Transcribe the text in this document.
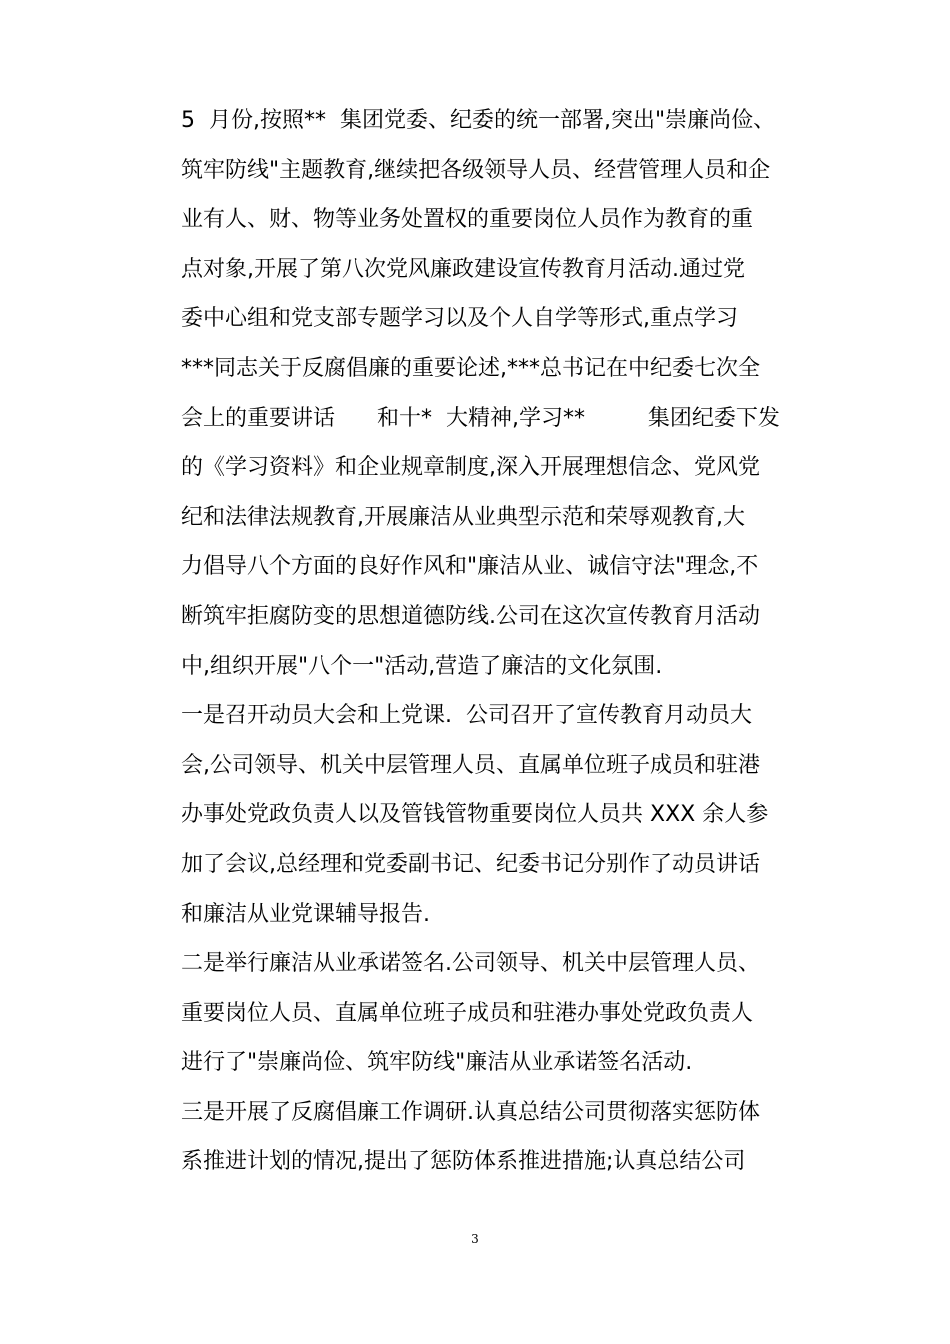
5  月份,按照**  集团党委、纪委的统一部署,突出"崇廉尚俭、
筑牢防线"主题教育,继续把各级领导人员、经营管理人员和企
业有人、财、物等业务处置权的重要岗位人员作为教育的重
点对象,开展了第八次党风廉政建设宣传教育月活动.通过党
委中心组和党支部专题学习以及个人自学等形式,重点学习
***同志关于反腐倡廉的重要论述,***总书记在中纪委七次全
会上的重要讲话      和十*  大精神,学习**         集团纪委下发
的《学习资料》和企业规章制度,深入开展理想信念、党风党
纪和法律法规教育,开展廉洁从业典型示范和荣辱观教育,大
力倡导八个方面的良好作风和"廉洁从业、诚信守法"理念,不
断筑牢拒腐防变的思想道德防线.公司在这次宣传教育月活动
中,组织开展"八个一"活动,营造了廉洁的文化氛围.
一是召开动员大会和上党课.  公司召开了宣传教育月动员大
会,公司领导、机关中层管理人员、直属单位班子成员和驻港
办事处党政负责人以及管钱管物重要岗位人员共 XXX 余人参
加了会议,总经理和党委副书记、纪委书记分别作了动员讲话
和廉洁从业党课辅导报告.
二是举行廉洁从业承诺签名.公司领导、机关中层管理人员、
重要岗位人员、直属单位班子成员和驻港办事处党政负责人
进行了"崇廉尚俭、筑牢防线"廉洁从业承诺签名活动.
三是开展了反腐倡廉工作调研.认真总结公司贯彻落实惩防体
系推进计划的情况,提出了惩防体系推进措施;认真总结公司
3
